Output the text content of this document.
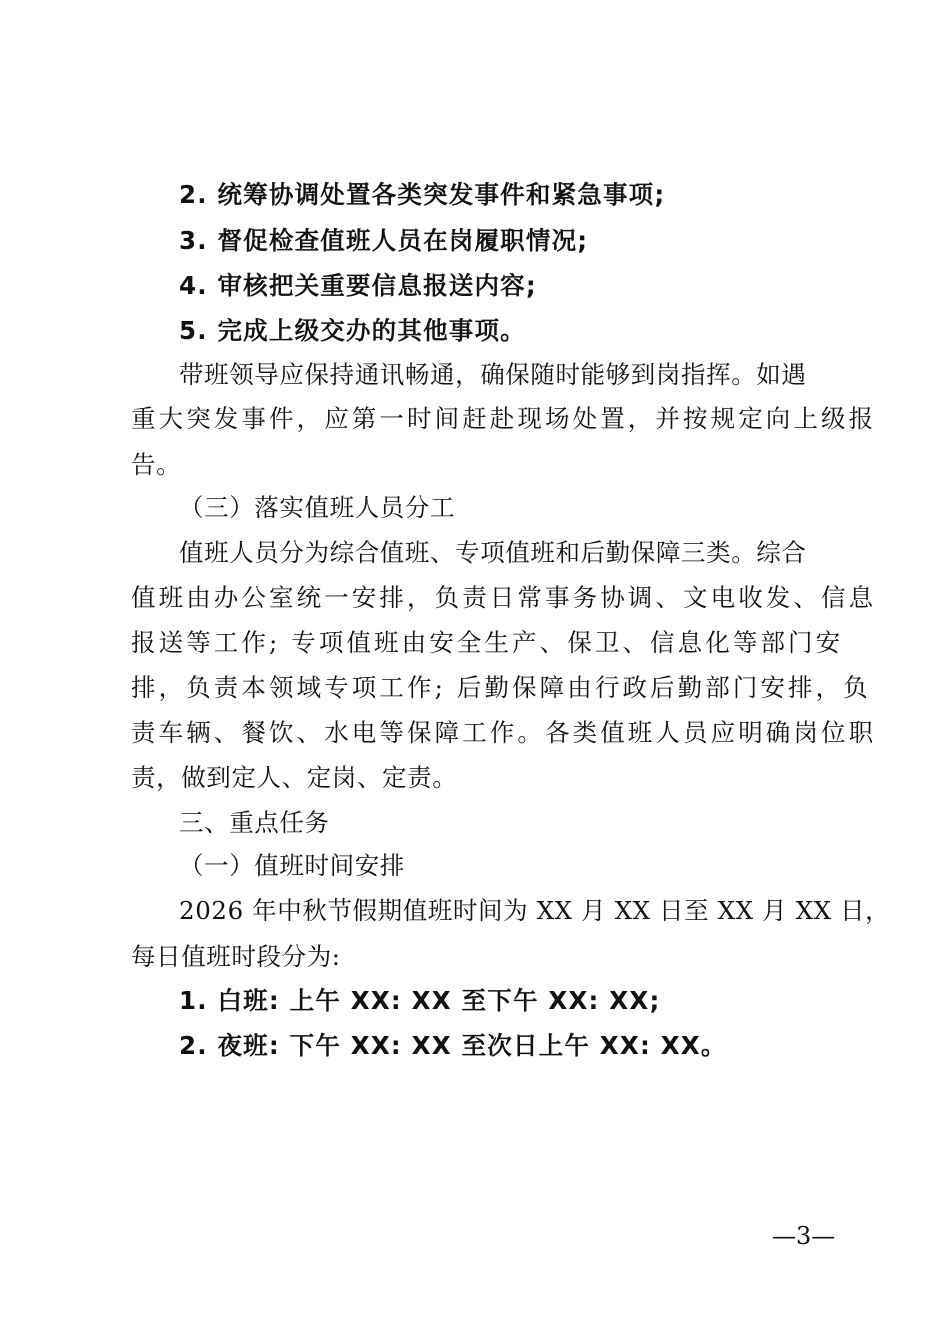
2. 统筹协调处置各类突发事件和紧急事项;
3. 督促检查值班人员在岗履职情况;
4. 审核把关重要信息报送内容;
5. 完成上级交办的其他事项。
带班领导应保持通讯畅通，确保随时能够到岗指挥。如遇
重大突发事件，应第一时间赶赴现场处置，并按规定向上级报
告。
（三）落实值班人员分工
值班人员分为综合值班、专项值班和后勤保障三类。综合
值班由办公室统一安排，负责日常事务协调、文电收发、信息
报送等工作; 专项值班由安全生产、保卫、信息化等部门安
排，负责本领域专项工作; 后勤保障由行政后勤部门安排，负
责车辆、餐饮、水电等保障工作。各类值班人员应明确岗位职
责，做到定人、定岗、定责。
三、重点任务
（一）值班时间安排
2026 年中秋节假期值班时间为 XX 月 XX 日至 XX 月 XX 日，
每日值班时段分为:
1. 白班: 上午 XX: XX 至下午 XX: XX;
2. 夜班: 下午 XX: XX 至次日上午 XX: XX。
—3—
